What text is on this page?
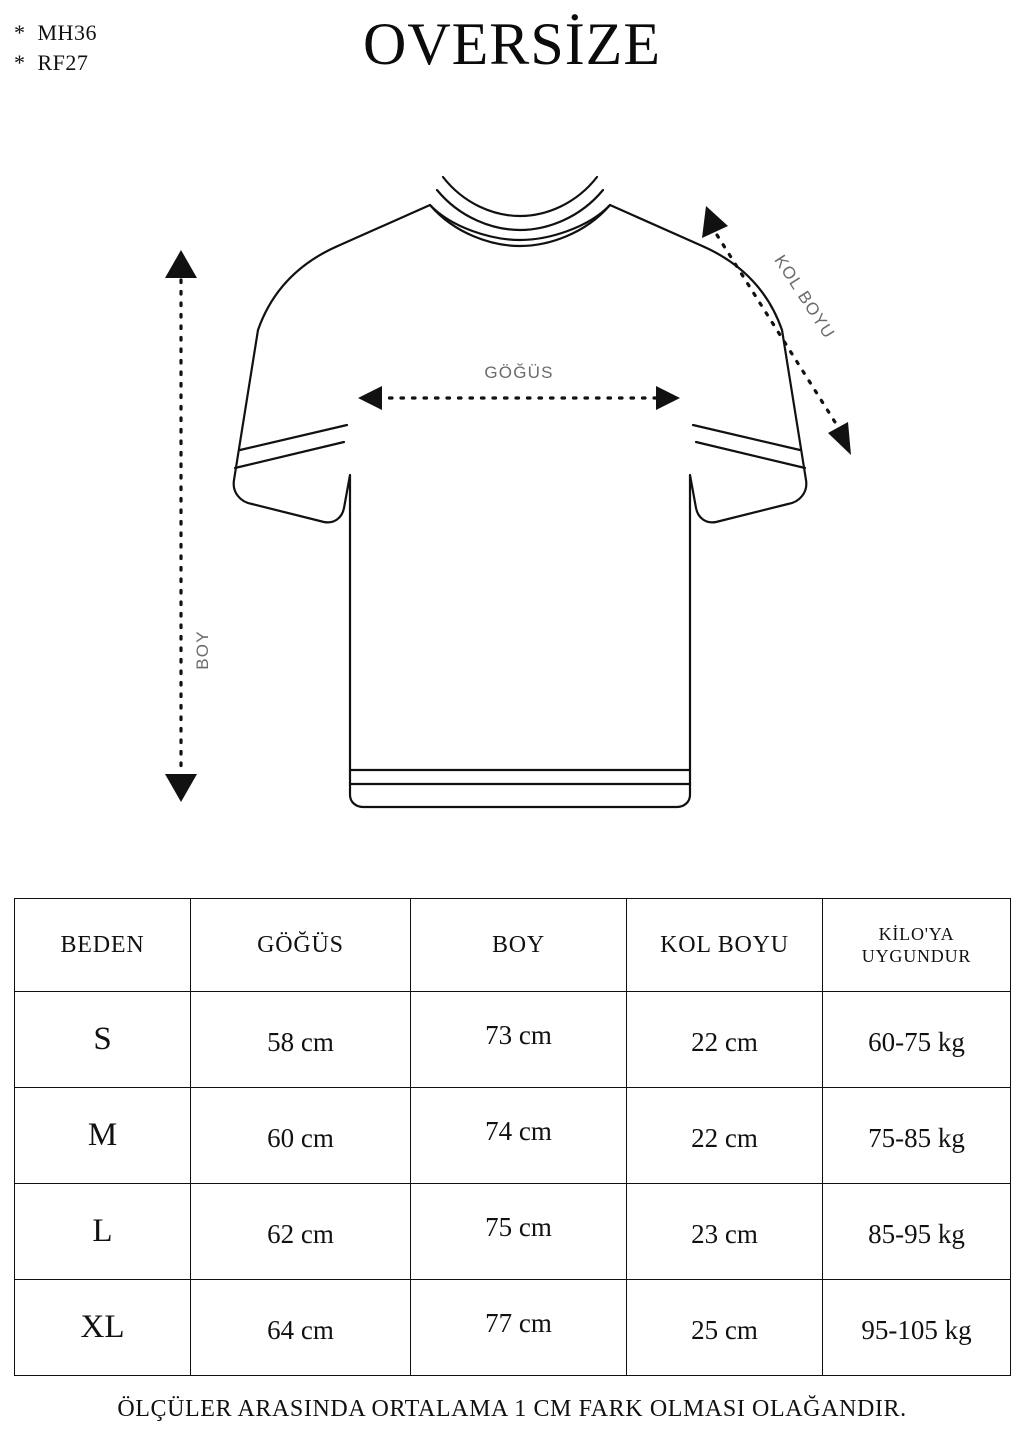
*  MH36
*  RF27	OVERSİZE
GÖĞÜS
BOY
KOL BOYU
BEDEN	GÖĞÜS	BOY	KOL BOYU	KİLO'YA
UYGUNDUR
S	58 cm	73 cm	22 cm	60-75 kg
M	60 cm	74 cm	22 cm	75-85 kg
L	62 cm	75 cm	23 cm	85-95 kg
XL	64 cm	77 cm	25 cm	95-105 kg
ÖLÇÜLER ARASINDA ORTALAMA 1 CM FARK OLMASI OLAĞANDIR.
